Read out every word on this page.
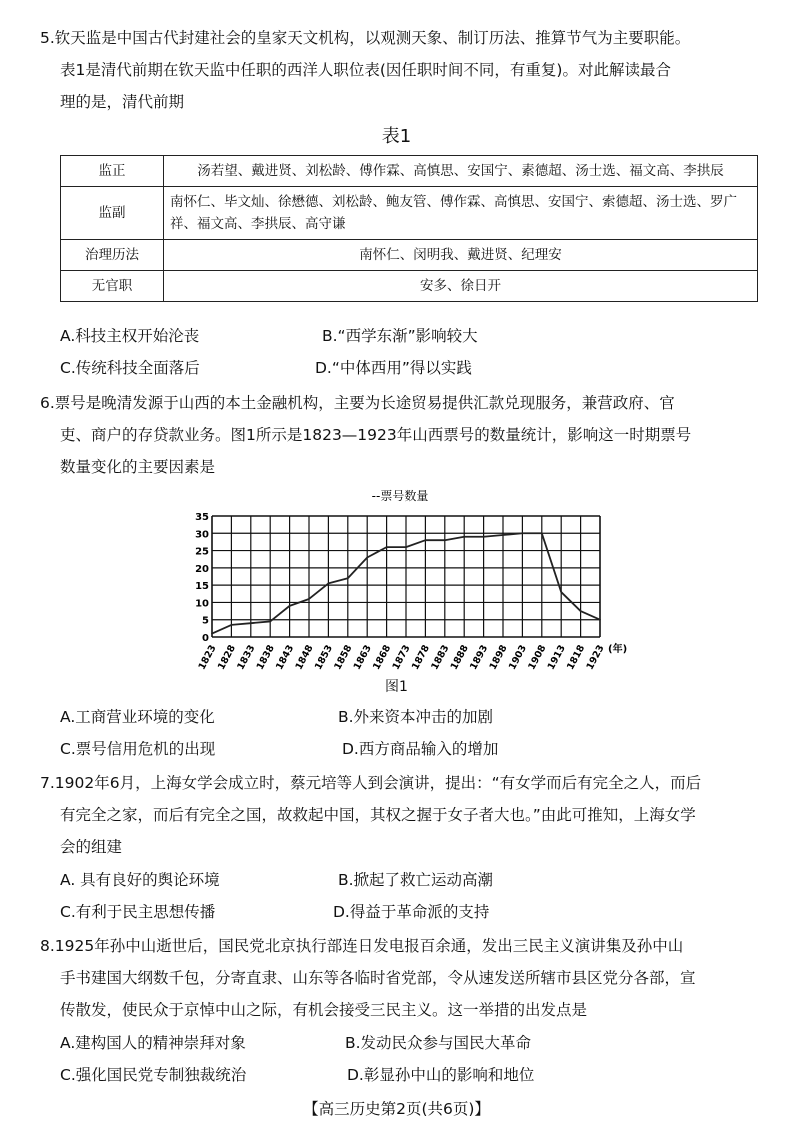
5.钦天监是中国古代封建社会的皇家天文机构，以观测天象、制订历法、推算节气为主要职能。
表1是清代前期在钦天监中任职的西洋人职位表(因任职时间不同，有重复)。对此解读最合
理的是，清代前期
表1
监正	汤若望、戴进贤、刘松龄、傅作霖、高慎思、安国宁、素德超、汤士选、福文高、李拱辰
监副	南怀仁、毕文灿、徐懋德、刘松龄、鲍友管、傅作霖、高慎思、安国宁、索德超、汤士选、罗广祥、福文高、李拱辰、高守谦
治理历法	南怀仁、闵明我、戴进贤、纪理安
无官职	安多、徐日开
A.科技主权开始沦丧	B.“西学东渐”影响较大
C.传统科技全面落后	D.“中体西用”得以实践
6.票号是晚清发源于山西的本土金融机构，主要为长途贸易提供汇款兑现服务，兼营政府、官
吏、商户的存贷款业务。图1所示是1823—1923年山西票号的数量统计，影响这一时期票号
数量变化的主要因素是
--票号数量
0
5
10
15
20
25
30
35
1823
1828
1833
1838
1843
1848
1853
1858
1863
1868
1873
1878
1883
1888
1893
1898
1903
1908
1913
1818
1923 (年)
图1
A.工商营业环境的变化	B.外来资本冲击的加剧
C.票号信用危机的出现	D.西方商品输入的增加
7.1902年6月，上海女学会成立时，蔡元培等人到会演讲，提出：“有女学而后有完全之人，而后
有完全之家，而后有完全之国，故救起中国，其权之握于女子者大也。”由此可推知，上海女学
会的组建
A. 具有良好的舆论环境	B.掀起了救亡运动高潮
C.有利于民主思想传播	D.得益于革命派的支持
8.1925年孙中山逝世后，国民党北京执行部连日发电报百余通，发出三民主义演讲集及孙中山
手书建国大纲数千包，分寄直隶、山东等各临时省党部，令从速发送所辖市县区党分各部，宣
传散发，使民众于京悼中山之际，有机会接受三民主义。这一举措的出发点是
A.建构国人的精神崇拜对象	B.发动民众参与国民大革命
C.强化国民党专制独裁统治	D.彰显孙中山的影响和地位
【高三历史第2页(共6页)】
